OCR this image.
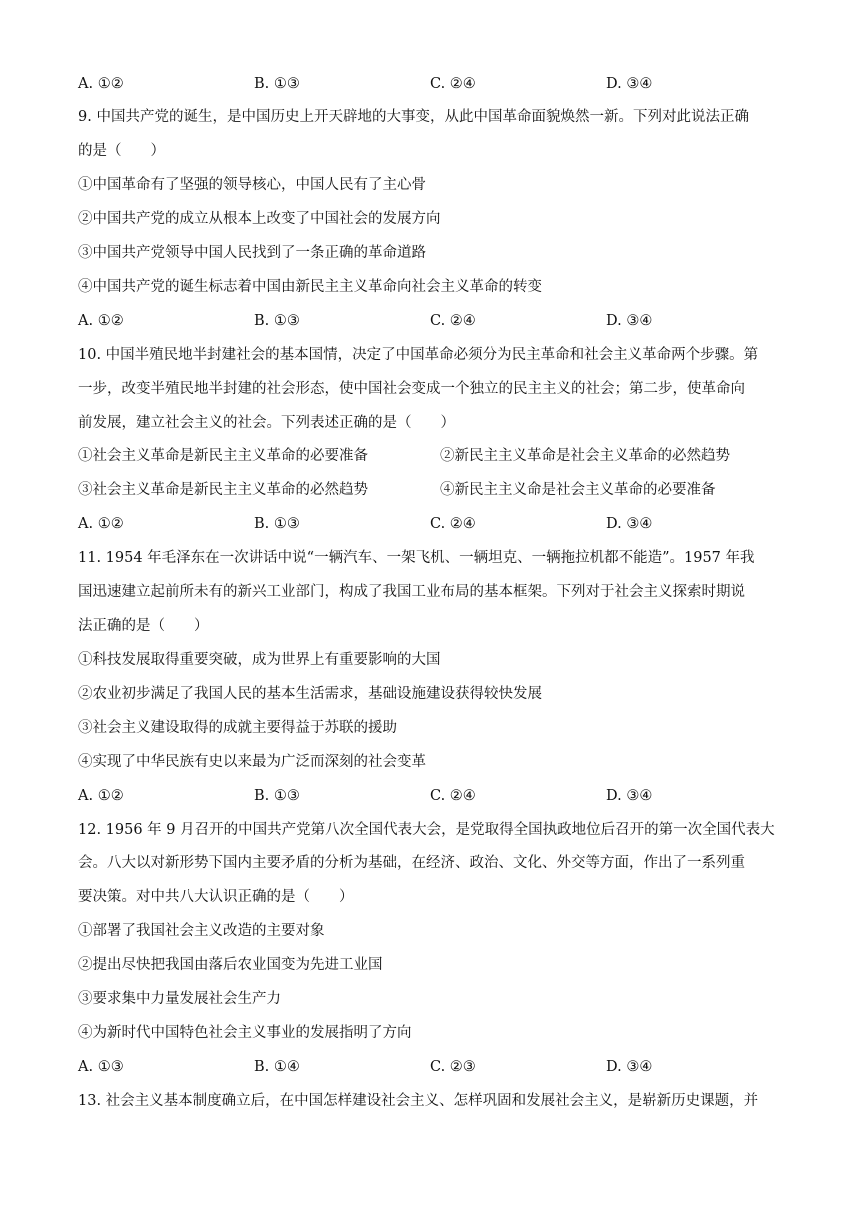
A. ①②	B. ①③	C. ②④	D. ③④
9. 中国共产党的诞生，是中国历史上开天辟地的大事变，从此中国革命面貌焕然一新。下列对此说法正确
的是（　　）
①中国革命有了坚强的领导核心，中国人民有了主心骨
②中国共产党的成立从根本上改变了中国社会的发展方向
③中国共产党领导中国人民找到了一条正确的革命道路
④中国共产党的诞生标志着中国由新民主主义革命向社会主义革命的转变
A. ①②	B. ①③	C. ②④	D. ③④
10. 中国半殖民地半封建社会的基本国情，决定了中国革命必须分为民主革命和社会主义革命两个步骤。第
一步，改变半殖民地半封建的社会形态，使中国社会变成一个独立的民主主义的社会；第二步，使革命向
前发展，建立社会主义的社会。下列表述正确的是（　　）
①社会主义革命是新民主主义革命的必要准备	②新民主主义革命是社会主义革命的必然趋势
③社会主义革命是新民主主义革命的必然趋势	④新民主主义命是社会主义革命的必要准备
A. ①②	B. ①③	C. ②④	D. ③④
11. 1954 年毛泽东在一次讲话中说“一辆汽车、一架飞机、一辆坦克、一辆拖拉机都不能造”。1957 年我
国迅速建立起前所未有的新兴工业部门，构成了我国工业布局的基本框架。下列对于社会主义探索时期说
法正确的是（　　）
①科技发展取得重要突破，成为世界上有重要影响的大国
②农业初步满足了我国人民的基本生活需求，基础设施建设获得较快发展
③社会主义建设取得的成就主要得益于苏联的援助
④实现了中华民族有史以来最为广泛而深刻的社会变革
A. ①②	B. ①③	C. ②④	D. ③④
12. 1956 年 9 月召开的中国共产党第八次全国代表大会，是党取得全国执政地位后召开的第一次全国代表大
会。八大以对新形势下国内主要矛盾的分析为基础，在经济、政治、文化、外交等方面，作出了一系列重
要决策。对中共八大认识正确的是（　　）
①部署了我国社会主义改造的主要对象
②提出尽快把我国由落后农业国变为先进工业国
③要求集中力量发展社会生产力
④为新时代中国特色社会主义事业的发展指明了方向
A. ①③	B. ①④	C. ②③	D. ③④
13. 社会主义基本制度确立后，在中国怎样建设社会主义、怎样巩固和发展社会主义，是崭新历史课题，并
